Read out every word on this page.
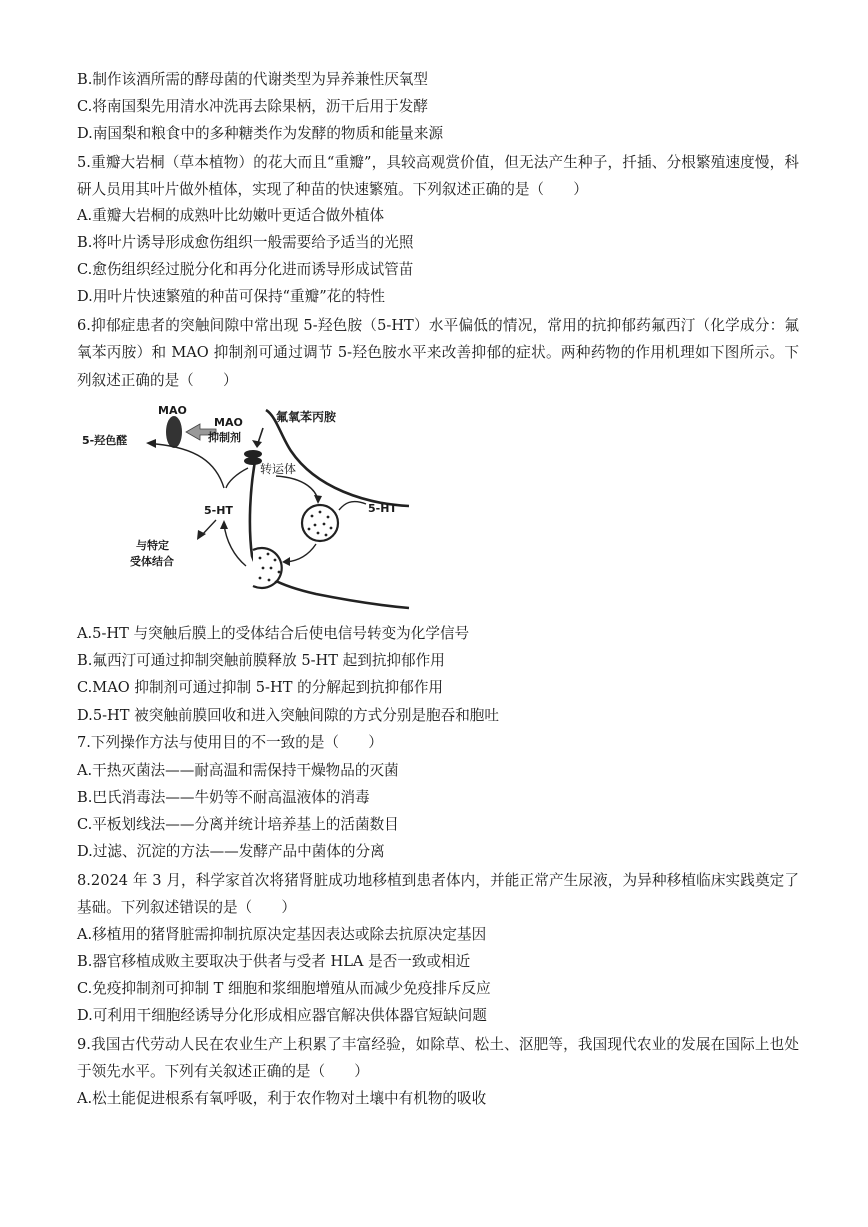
B.制作该酒所需的酵母菌的代谢类型为异养兼性厌氧型
C.将南国梨先用清水冲洗再去除果柄，沥干后用于发酵
D.南国梨和粮食中的多种糖类作为发酵的物质和能量来源
5.重瓣大岩桐（草本植物）的花大而且“重瓣”，具较高观赏价值，但无法产生种子，扦插、分根繁殖速度慢，科研人员用其叶片做外植体，实现了种苗的快速繁殖。下列叙述正确的是（　　）
A.重瓣大岩桐的成熟叶比幼嫩叶更适合做外植体
B.将叶片诱导形成愈伤组织一般需要给予适当的光照
C.愈伤组织经过脱分化和再分化进而诱导形成试管苗
D.用叶片快速繁殖的种苗可保持“重瓣”花的特性
6.抑郁症患者的突触间隙中常出现 5-羟色胺（5-HT）水平偏低的情况，常用的抗抑郁药氟西汀（化学成分：氟氧苯丙胺）和 MAO 抑制剂可通过调节 5-羟色胺水平来改善抑郁的症状。两种药物的作用机理如下图所示。下列叙述正确的是（　　）
转运体
氟氧苯丙胺
MAO
MAO
抑制剂
5-羟色醛
5-HT
与特定
受体结合
5-HT
A.5-HT 与突触后膜上的受体结合后使电信号转变为化学信号
B.氟西汀可通过抑制突触前膜释放 5-HT 起到抗抑郁作用
C.MAO 抑制剂可通过抑制 5-HT 的分解起到抗抑郁作用
D.5-HT 被突触前膜回收和进入突触间隙的方式分别是胞吞和胞吐
7.下列操作方法与使用目的不一致的是（　　）
A.干热灭菌法——耐高温和需保持干燥物品的灭菌
B.巴氏消毒法——牛奶等不耐高温液体的消毒
C.平板划线法——分离并统计培养基上的活菌数目
D.过滤、沉淀的方法——发酵产品中菌体的分离
8.2024 年 3 月，科学家首次将猪肾脏成功地移植到患者体内，并能正常产生尿液，为异种移植临床实践奠定了基础。下列叙述错误的是（　　）
A.移植用的猪肾脏需抑制抗原决定基因表达或除去抗原决定基因
B.器官移植成败主要取决于供者与受者 HLA 是否一致或相近
C.免疫抑制剂可抑制 T 细胞和浆细胞增殖从而减少免疫排斥反应
D.可利用干细胞经诱导分化形成相应器官解决供体器官短缺问题
9.我国古代劳动人民在农业生产上积累了丰富经验，如除草、松土、沤肥等，我国现代农业的发展在国际上也处于领先水平。下列有关叙述正确的是（　　）
A.松土能促进根系有氧呼吸，利于农作物对土壤中有机物的吸收
